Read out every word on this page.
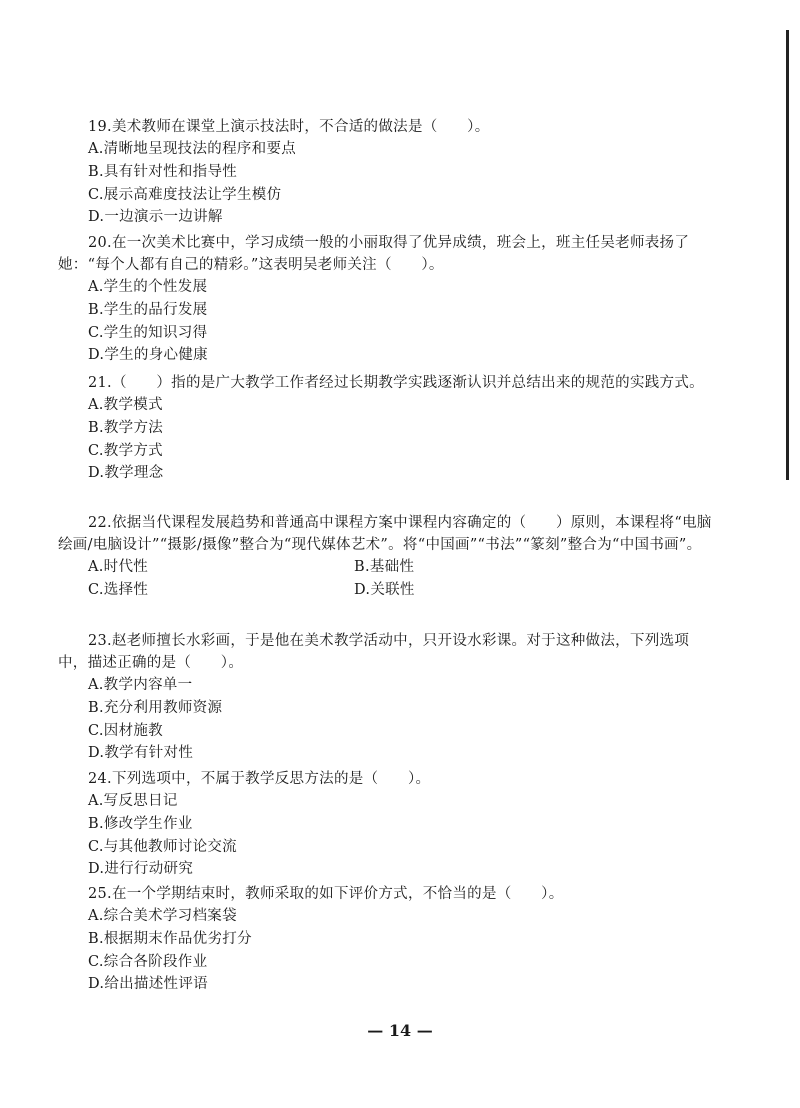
19.美术教师在课堂上演示技法时，不合适的做法是（　　）。

A.清晰地呈现技法的程序和要点
B.具有针对性和指导性
C.展示高难度技法让学生模仿
D.一边演示一边讲解

20.在一次美术比赛中，学习成绩一般的小丽取得了优异成绩，班会上，班主任吴老师表扬了她：“每个人都有自己的精彩。”这表明吴老师关注（　　）。

A.学生的个性发展
B.学生的品行发展
C.学生的知识习得
D.学生的身心健康

21.（　　）指的是广大教学工作者经过长期教学实践逐渐认识并总结出来的规范的实践方式。

A.教学模式
B.教学方法
C.教学方式
D.教学理念

22.依据当代课程发展趋势和普通高中课程方案中课程内容确定的（　　）原则，本课程将“电脑绘画/电脑设计”“摄影/摄像”整合为“现代媒体艺术”。将“中国画”“书法”“篆刻”整合为“中国书画”。

A.时代性	B.基础性
C.选择性	D.关联性

23.赵老师擅长水彩画，于是他在美术教学活动中，只开设水彩课。对于这种做法，下列选项中，描述正确的是（　　）。

A.教学内容单一
B.充分利用教师资源
C.因材施教
D.教学有针对性

24.下列选项中，不属于教学反思方法的是（　　）。

A.写反思日记
B.修改学生作业
C.与其他教师讨论交流
D.进行行动研究

25.在一个学期结束时，教师采取的如下评价方式，不恰当的是（　　）。

A.综合美术学习档案袋
B.根据期末作品优劣打分
C.综合各阶段作业
D.给出描述性评语
— 14 —
